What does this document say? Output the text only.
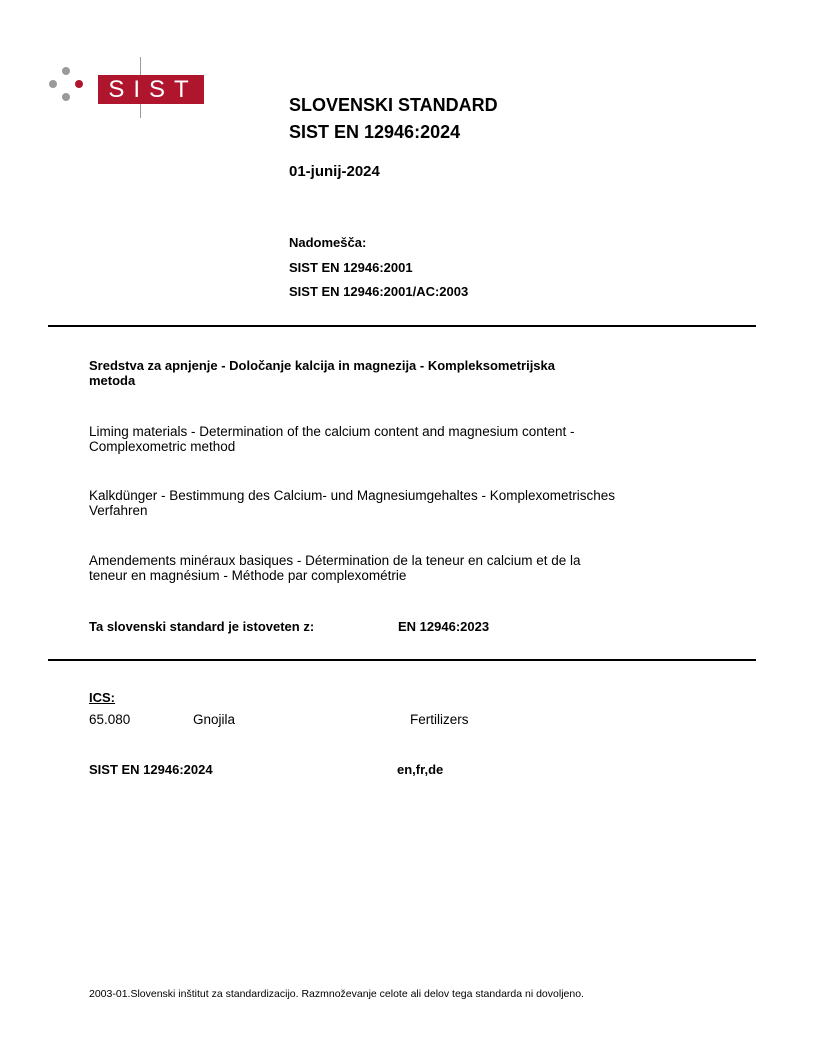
SIST
SLOVENSKI STANDARD
SIST EN 12946:2024
01-junij-2024
Nadomešča:
SIST EN 12946:2001
SIST EN 12946:2001/AC:2003
Sredstva za apnjenje - Določanje kalcija in magnezija - Kompleksometrijska
metoda
Liming materials - Determination of the calcium content and magnesium content -
Complexometric method
Kalkdünger - Bestimmung des Calcium- und Magnesiumgehaltes - Komplexometrisches
Verfahren
Amendements minéraux basiques - Détermination de la teneur en calcium et de la
teneur en magnésium - Méthode par complexométrie
Ta slovenski standard je istoveten z:	EN 12946:2023
ICS:
65.080	Gnojila	Fertilizers
SIST EN 12946:2024	en,fr,de
2003-01.Slovenski inštitut za standardizacijo. Razmnoževanje celote ali delov tega standarda ni dovoljeno.
